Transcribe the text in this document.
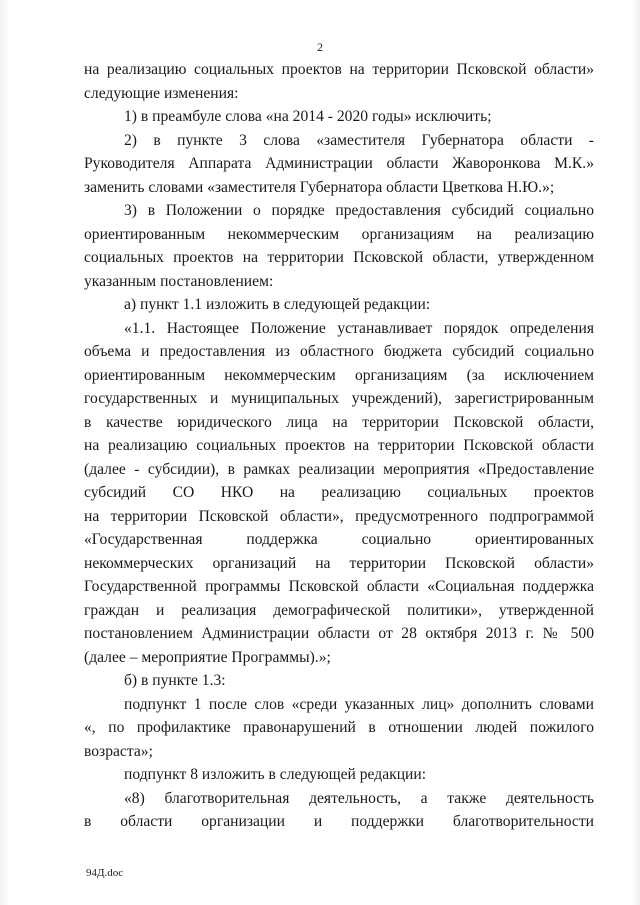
2

на реализацию социальных проектов на территории Псковской области»
следующие изменения:

1) в преамбуле слова «на 2014 - 2020 годы» исключить;

2) в пункте 3 слова «заместителя Губернатора области -
Руководителя Аппарата Администрации области Жаворонкова М.К.»
заменить словами «заместителя Губернатора области Цветкова Н.Ю.»;

3) в Положении о порядке предоставления субсидий социально
ориентированным некоммерческим организациям на реализацию
социальных проектов на территории Псковской области, утвержденном
указанным постановлением:

а) пункт 1.1 изложить в следующей редакции:

«1.1. Настоящее Положение устанавливает порядок определения
объема и предоставления из областного бюджета субсидий социально
ориентированным некоммерческим организациям (за исключением
государственных и муниципальных учреждений), зарегистрированным
в качестве юридического лица на территории Псковской области,
на реализацию социальных проектов на территории Псковской области
(далее - субсидии), в рамках реализации мероприятия «Предоставление
субсидий СО НКО на реализацию социальных проектов
на территории Псковской области», предусмотренного подпрограммой
«Государственная поддержка социально ориентированных
некоммерческих организаций на территории Псковской области»
Государственной программы Псковской области «Социальная поддержка
граждан и реализация демографической политики», утвержденной
постановлением Администрации области от 28 октября 2013 г. № 500
(далее – мероприятие Программы).»;

б) в пункте 1.3:

подпункт 1 после слов «среди указанных лиц» дополнить словами
«, по профилактике правонарушений в отношении людей пожилого
возраста»;

подпункт 8 изложить в следующей редакции:

«8) благотворительная деятельность, а также деятельность
в области организации и поддержки благотворительности

94Д.doc
